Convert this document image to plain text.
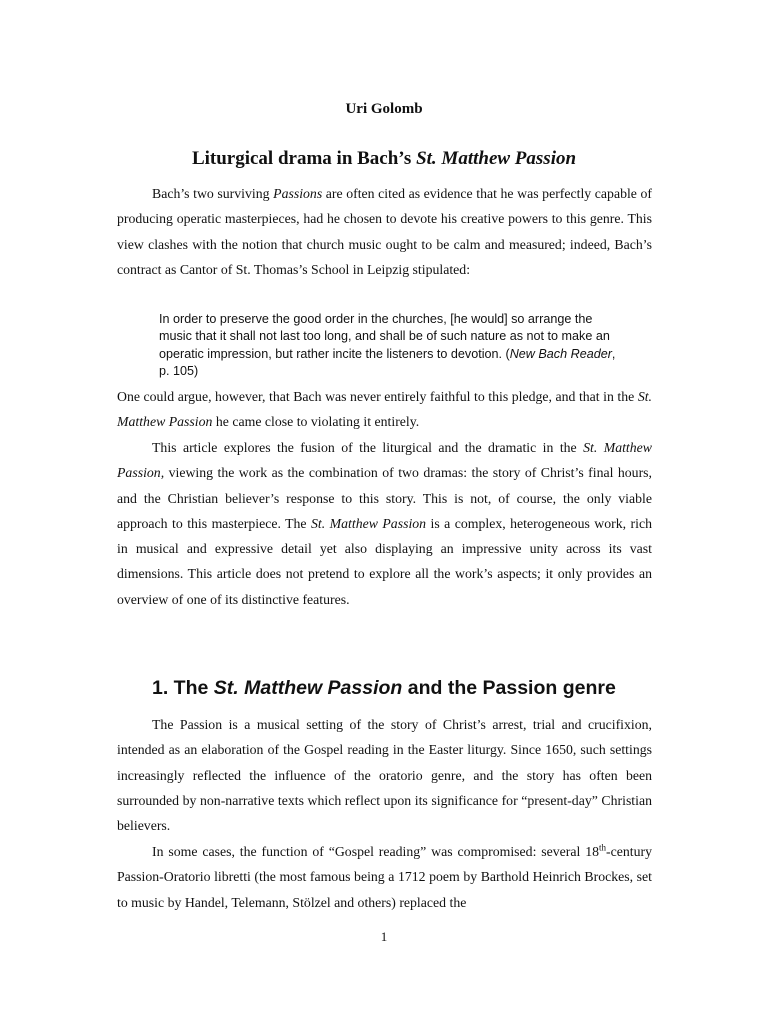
Uri Golomb

Liturgical drama in Bach’s St. Matthew Passion

Bach’s two surviving Passions are often cited as evidence that he was perfectly capable of producing operatic masterpieces, had he chosen to devote his creative powers to this genre. This view clashes with the notion that church music ought to be calm and measured; indeed, Bach’s contract as Cantor of St. Thomas’s School in Leipzig stipulated:

In order to preserve the good order in the churches, [he would] so arrange the music that it shall not last too long, and shall be of such nature as not to make an operatic impression, but rather incite the listeners to devotion. (New Bach Reader, p. 105)

One could argue, however, that Bach was never entirely faithful to this pledge, and that in the St. Matthew Passion he came close to violating it entirely.

This article explores the fusion of the liturgical and the dramatic in the St. Matthew Passion, viewing the work as the combination of two dramas: the story of Christ’s final hours, and the Christian believer’s response to this story. This is not, of course, the only viable approach to this masterpiece. The St. Matthew Passion is a complex, heterogeneous work, rich in musical and expressive detail yet also displaying an impressive unity across its vast dimensions. This article does not pretend to explore all the work’s aspects; it only provides an overview of one of its distinctive features.

1. The St. Matthew Passion and the Passion genre

The Passion is a musical setting of the story of Christ’s arrest, trial and crucifixion, intended as an elaboration of the Gospel reading in the Easter liturgy. Since 1650, such settings increasingly reflected the influence of the oratorio genre, and the story has often been surrounded by non-narrative texts which reflect upon its significance for “present-day” Christian believers.

In some cases, the function of “Gospel reading” was compromised: several 18th-century Passion-Oratorio libretti (the most famous being a 1712 poem by Barthold Heinrich Brockes, set to music by Handel, Telemann, Stölzel and others) replaced the

1
